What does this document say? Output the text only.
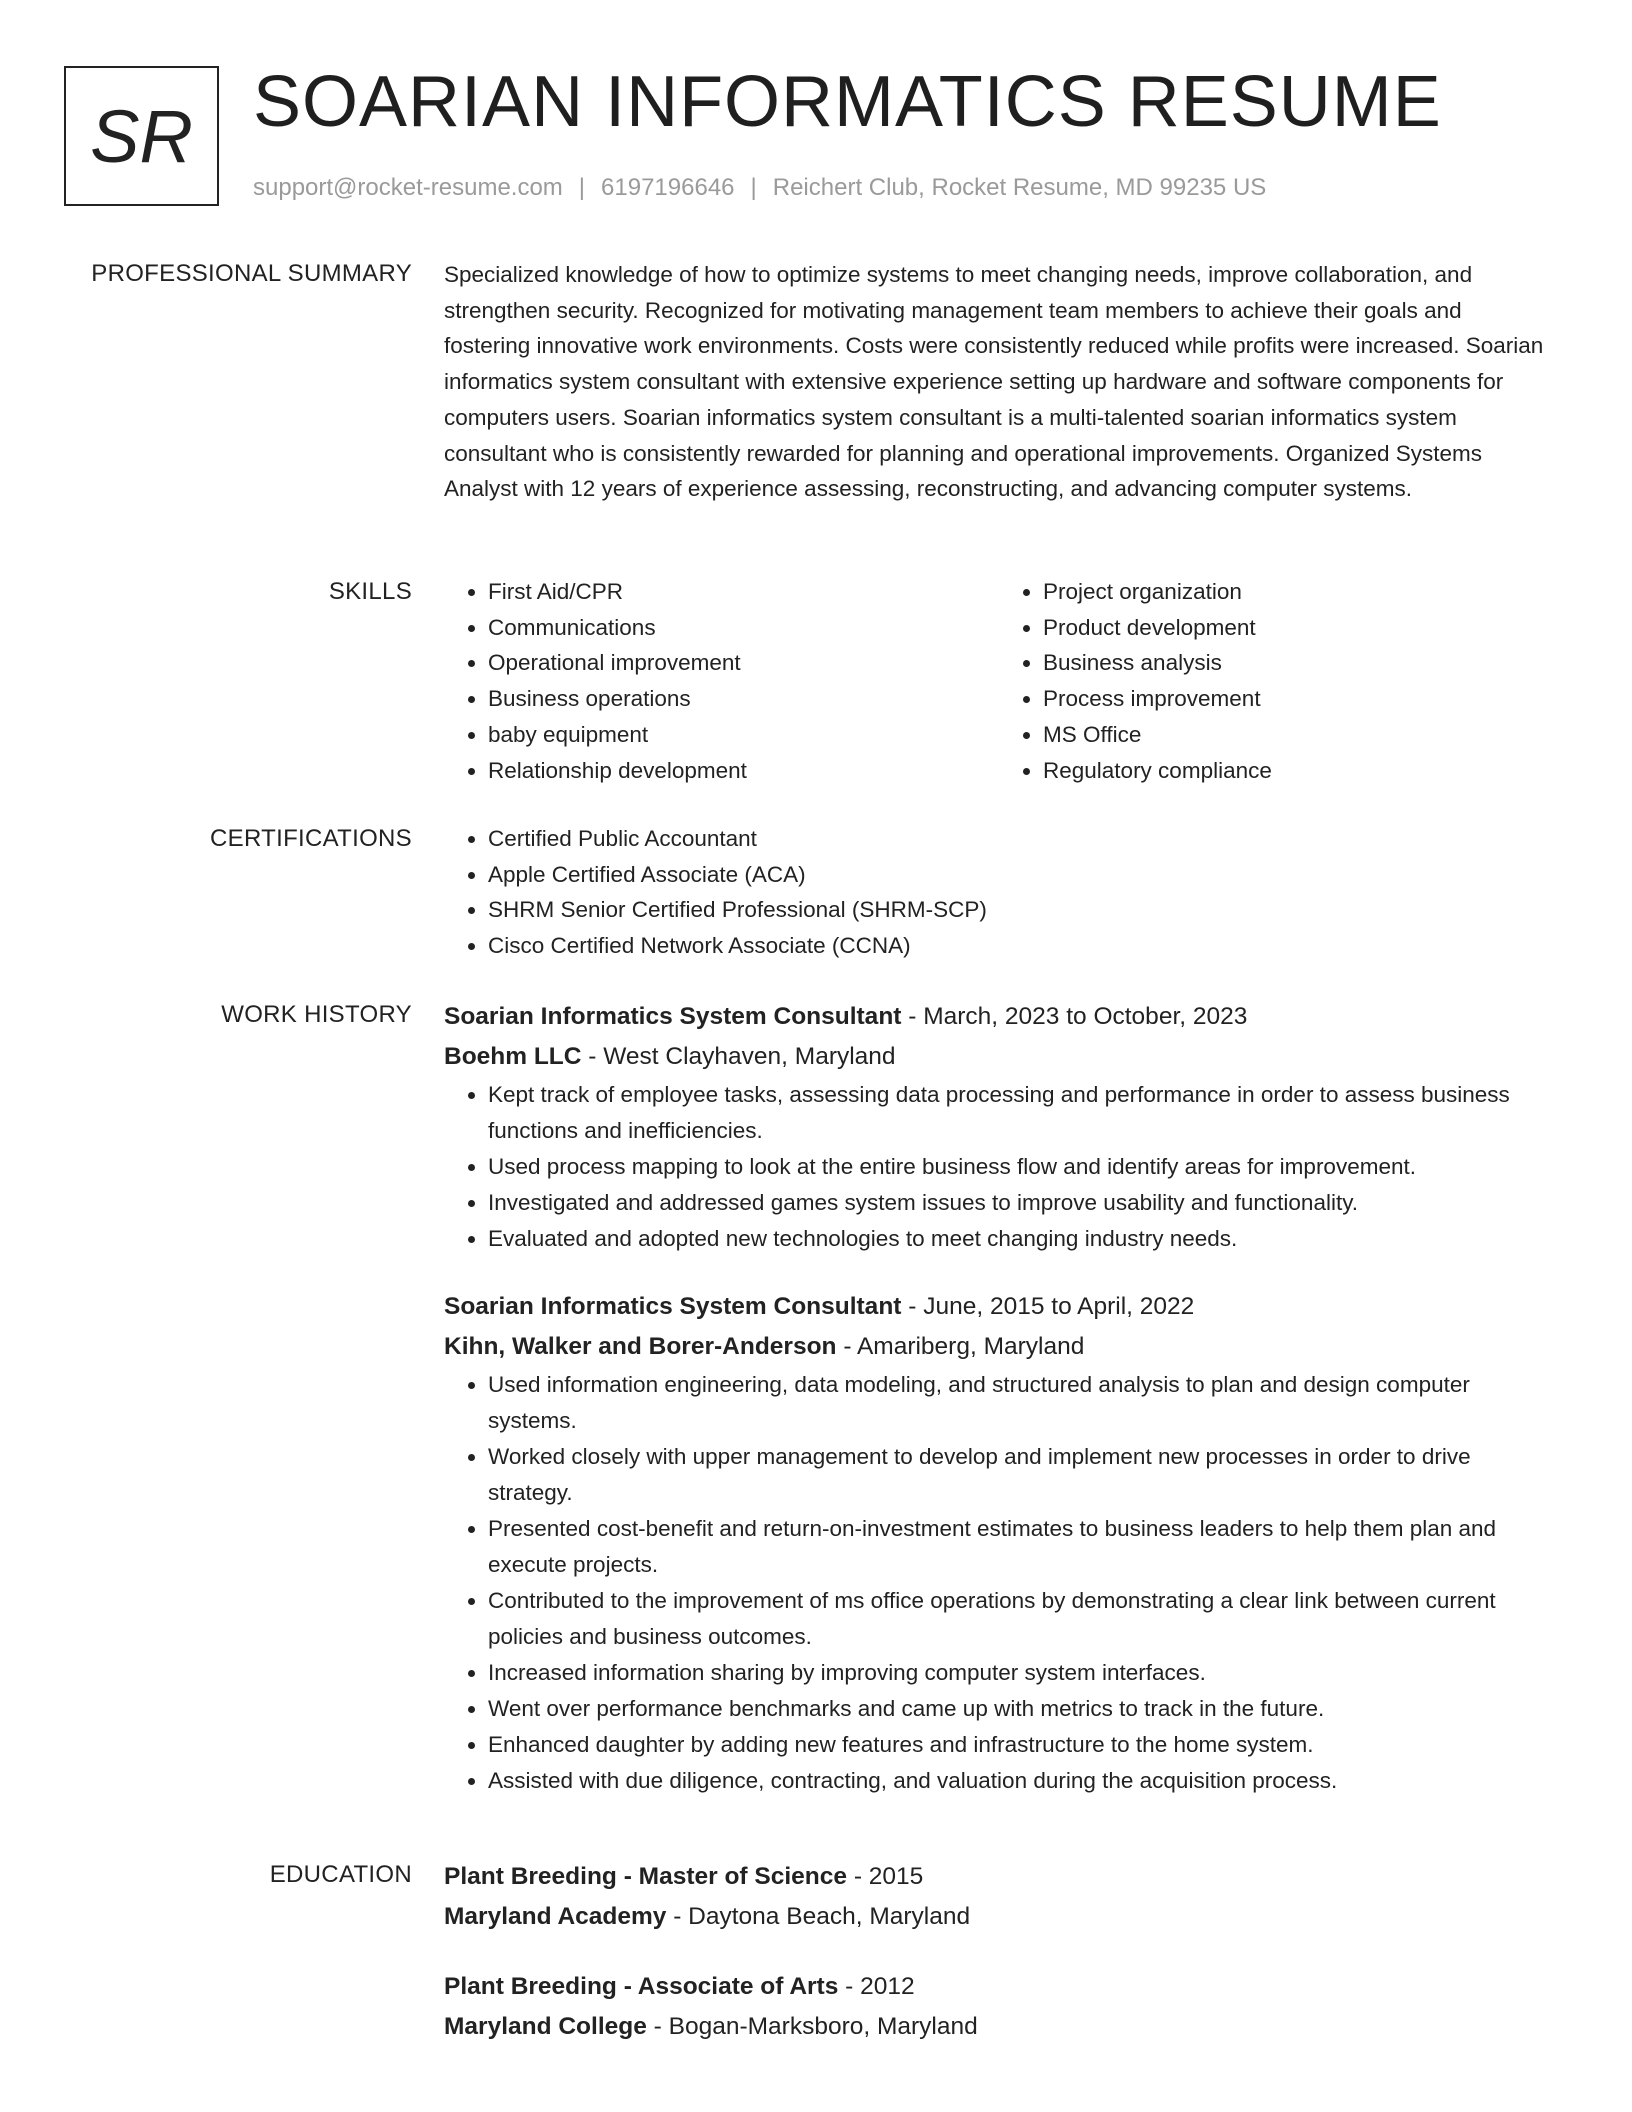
SR SOARIAN INFORMATICS RESUME
support@rocket-resume.com | 6197196646 | Reichert Club, Rocket Resume, MD 99235 US
PROFESSIONAL SUMMARY Specialized knowledge of how to optimize systems to meet changing needs, improve collaboration, and strengthen security. Recognized for motivating management team members to achieve their goals and fostering innovative work environments. Costs were consistently reduced while profits were increased. Soarian informatics system consultant with extensive experience setting up hardware and software components for computers users. Soarian informatics system consultant is a multi-talented soarian informatics system consultant who is consistently rewarded for planning and operational improvements. Organized Systems Analyst with 12 years of experience assessing, reconstructing, and advancing computer systems.
SKILLS	• First Aid/CPR
• Communications
• Operational improvement
• Business operations
• baby equipment
• Relationship development
• Project organization
• Product development
• Business analysis
• Process improvement
• MS Office
• Regulatory compliance
CERTIFICATIONS	• Certified Public Accountant
• Apple Certified Associate (ACA)
• SHRM Senior Certified Professional (SHRM-SCP)
• Cisco Certified Network Associate (CCNA)
WORK HISTORY Soarian Informatics System Consultant - March, 2023 to October, 2023
Boehm LLC - West Clayhaven, Maryland
• Kept track of employee tasks, assessing data processing and performance in order to assess business functions and inefficiencies.
• Used process mapping to look at the entire business flow and identify areas for improvement.
• Investigated and addressed games system issues to improve usability and functionality.
• Evaluated and adopted new technologies to meet changing industry needs.
Soarian Informatics System Consultant - June, 2015 to April, 2022
Kihn, Walker and Borer-Anderson - Amariberg, Maryland
• Used information engineering, data modeling, and structured analysis to plan and design computer systems.
• Worked closely with upper management to develop and implement new processes in order to drive strategy.
• Presented cost-benefit and return-on-investment estimates to business leaders to help them plan and execute projects.
• Contributed to the improvement of ms office operations by demonstrating a clear link between current policies and business outcomes.
• Increased information sharing by improving computer system interfaces.
• Went over performance benchmarks and came up with metrics to track in the future.
• Enhanced daughter by adding new features and infrastructure to the home system.
• Assisted with due diligence, contracting, and valuation during the acquisition process.
EDUCATION Plant Breeding - Master of Science - 2015
Maryland Academy - Daytona Beach, Maryland
Plant Breeding - Associate of Arts - 2012
Maryland College - Bogan-Marksboro, Maryland
